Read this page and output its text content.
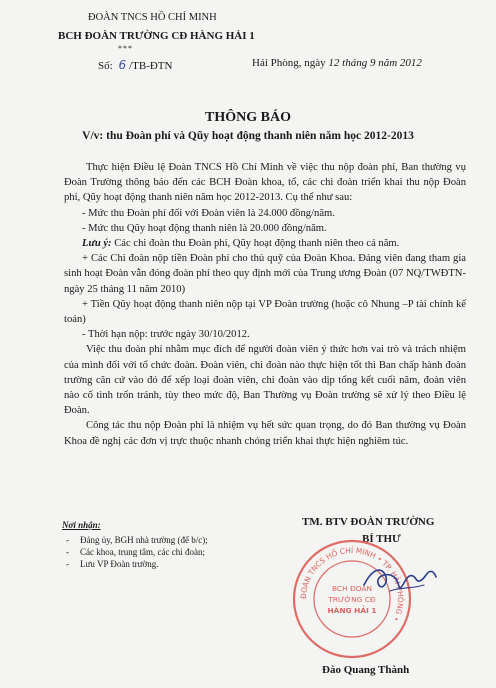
ĐOÀN TNCS HỒ CHÍ MINH
BCH ĐOÀN TRƯỜNG CĐ HÀNG HẢI 1
***
Số: 6 /TB-ĐTN	Hải Phòng, ngày 12 tháng 9 năm 2012
THÔNG BÁO
V/v: thu Đoàn phí và Qũy hoạt động thanh niên năm học 2012-2013

Thực hiện Điều lệ Đoàn TNCS Hồ Chí Minh về việc thu nộp đoàn phí, Ban thường vụ Đoàn Trường thông báo đến các BCH Đoàn khoa, tổ, các chi đoàn triển khai thu nộp Đoàn phí, Qũy hoạt động thanh niên năm học 2012-2013. Cụ thể như sau:

- Mức thu Đoàn phí đối với Đoàn viên là 24.000 đồng/năm.

- Mức thu Qũy hoạt động thanh niên là 20.000 đồng/năm.

Lưu ý: Các chi đoàn thu Đoàn phí, Qũy hoạt động thanh niên theo cả năm.

+ Các Chi đoàn nộp tiền Đoàn phí cho thủ quỹ của Đoàn Khoa. Đảng viên đang tham gia sinh hoạt Đoàn vẫn đóng đoàn phí theo quy định mới của Trung ương Đoàn (07 NQ/TWĐTN-ngày 25 tháng 11 năm 2010)

+ Tiền Qũy hoạt động thanh niên nộp tại VP Đoàn trường (hoặc cô Nhung –P tài chính kế toán)

- Thời hạn nộp: trước ngày 30/10/2012.

Việc thu đoàn phí nhằm mục đích để người đoàn viên ý thức hơn vai trò và trách nhiệm của mình đối với tổ chức đoàn. Đoàn viên, chi đoàn nào thực hiện tốt thì Ban chấp hành đoàn trường căn cứ vào đó để xếp loại đoàn viên, chi đoàn vào dịp tổng kết cuối năm, đoàn viên nào cố tình trốn tránh, tùy theo mức độ, Ban Thường vụ Đoàn trường sẽ xử lý theo Điều lệ Đoàn.

Công tác thu nộp Đoàn phí là nhiệm vụ hết sức quan trọng, do đó Ban thường vụ Đoàn Khoa đề nghị các đơn vị trực thuộc nhanh chóng triển khai thực hiện nghiêm túc.

Nơi nhận:
- Đảng ủy, BGH nhà trường (để b/c);
- Các khoa, trung tâm, các chi đoàn;
- Lưu VP Đoàn trường.
TM. BTV ĐOÀN TRƯỜNG
BÍ THƯ
ĐOÀN TNCS HỒ CHÍ MINH • TP. HẢI PHÒNG •
BCH ĐOÀN
TRƯỜNG CĐ
HÀNG HẢI 1
Đào Quang Thành
